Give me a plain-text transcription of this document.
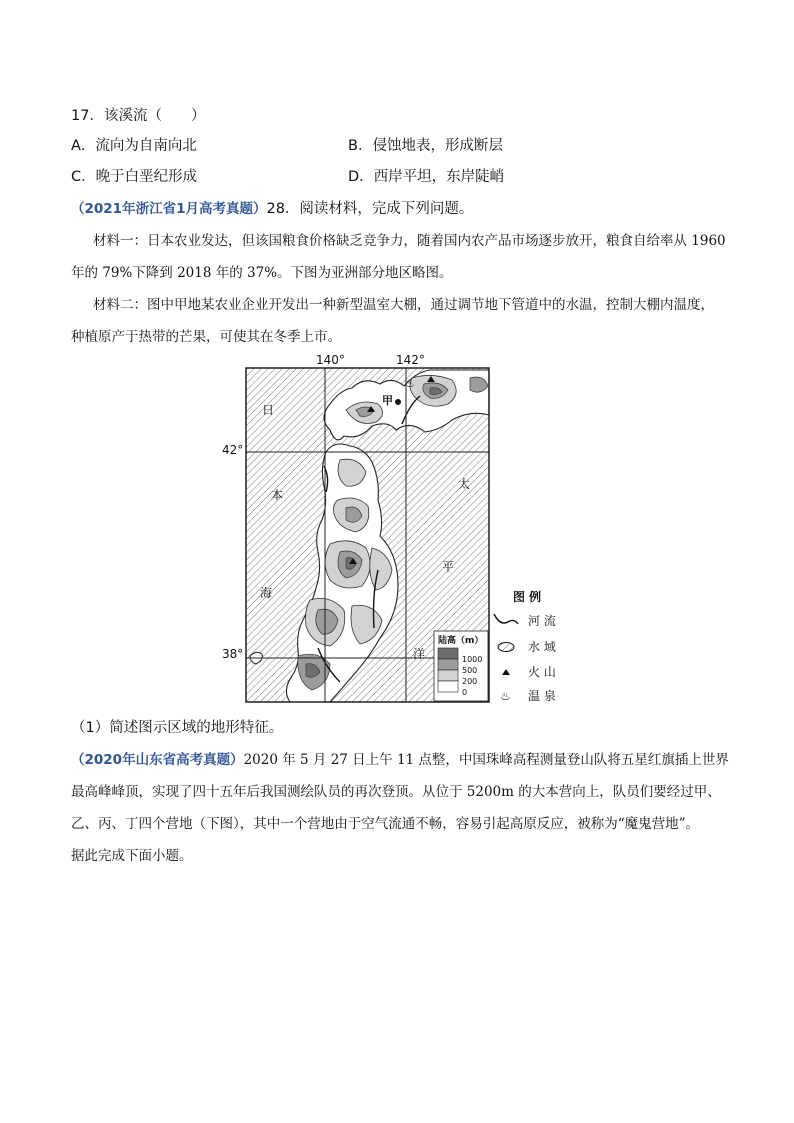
17．该溪流（　　）
A．流向为自南向北	B．侵蚀地表，形成断层
C．晚于白垩纪形成	D．西岸平坦，东岸陡峭
（2021年浙江省1月高考真题）28．阅读材料，完成下列问题。
材料一：日本农业发达，但该国粮食价格缺乏竞争力，随着国内农产品市场逐步放开，粮食自给率从 1960
年的 79%下降到 2018 年的 37%。下图为亚洲部分地区略图。
材料二：图中甲地某农业企业开发出一种新型温室大棚，通过调节地下管道中的水温，控制大棚内温度，
种植原产于热带的芒果，可使其在冬季上市。
140°	142°
42°
38°
♨
甲
日
本
海
太
平
洋
陆高（m）
1000
500
200
0
图 例
河 流
水 域
火 山
♨ 温 泉
（1）简述图示区域的地形特征。
（2020年山东省高考真题）2020 年 5 月 27 日上午 11 点整，中国珠峰高程测量登山队将五星红旗插上世界
最高峰峰顶，实现了四十五年后我国测绘队员的再次登顶。从位于 5200m 的大本营向上，队员们要经过甲、
乙、丙、丁四个营地（下图），其中一个营地由于空气流通不畅，容易引起高原反应，被称为“魔鬼营地”。
据此完成下面小题。
